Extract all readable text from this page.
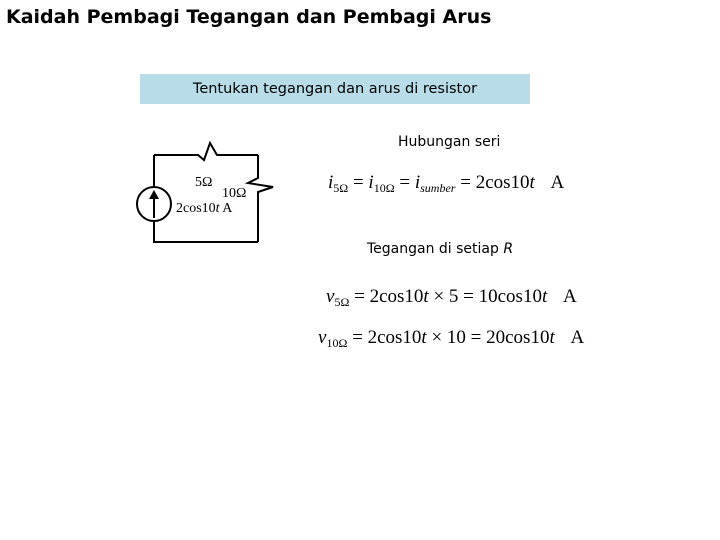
Kaidah Pembagi Tegangan dan Pembagi Arus
Tentukan tegangan dan arus di resistor
5Ω
10Ω
2cos10t A
Hubungan seri
$i_{5\Omega} = i_{10\Omega} = i_{sumber} = 2\cos 10t$ A
Tegangan di setiap R
$v_{5\Omega} = 2\cos 10t \times 5 = 10\cos 10t$ A
$v_{10\Omega} = 2\cos 10t \times 10 = 20\cos 10t$ A
